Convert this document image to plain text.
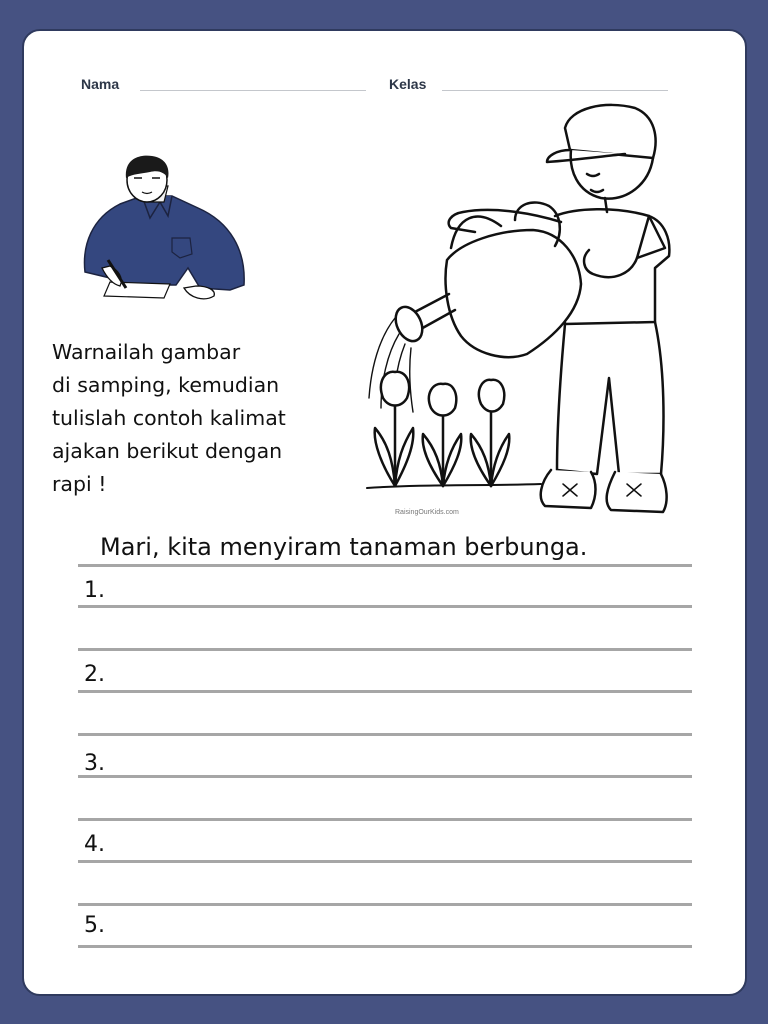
Nama	Kelas
RaisingOurKids.com
Warnailah gambar
di samping, kemudian
tulislah contoh kalimat
ajakan berikut dengan
rapi !
Mari, kita menyiram tanaman berbunga.
1.
2.
3.
4.
5.
